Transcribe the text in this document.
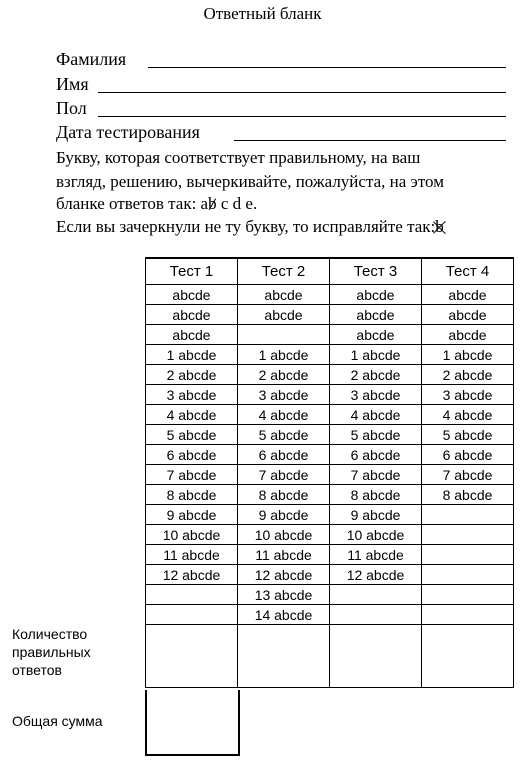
Ответный бланк
Фамилия
Имя
Пол
Дата тестирования
Букву, которая соответствует правильному, на ваш
взгляд, решению, вычеркивайте, пожалуйста, на этом
бланке ответов так: ab c d e.
Если вы зачеркнули не ту букву, то исправляйте так:b
Тест 1	Тест 2	Тест 3	Тест 4
abcde	abcde	abcde	abcde
abcde	abcde	abcde	abcde
abcde		abcde	abcde
1 abcde	1 abcde	1 abcde	1 abcde
2 abcde	2 abcde	2 abcde	2 abcde
3 abcde	3 abcde	3 abcde	3 abcde
4 abcde	4 abcde	4 abcde	4 abcde
5 abcde	5 abcde	5 abcde	5 abcde
6 abcde	6 abcde	6 abcde	6 abcde
7 abcde	7 abcde	7 abcde	7 abcde
8 abcde	8 abcde	8 abcde	8 abcde
9 abcde	9 abcde	9 abcde	
10 abcde	10 abcde	10 abcde	
11 abcde	11 abcde	11 abcde	
12 abcde	12 abcde	12 abcde	
	13 abcde		
	14 abcde		

Количество
правильных
ответов
Общая сумма
